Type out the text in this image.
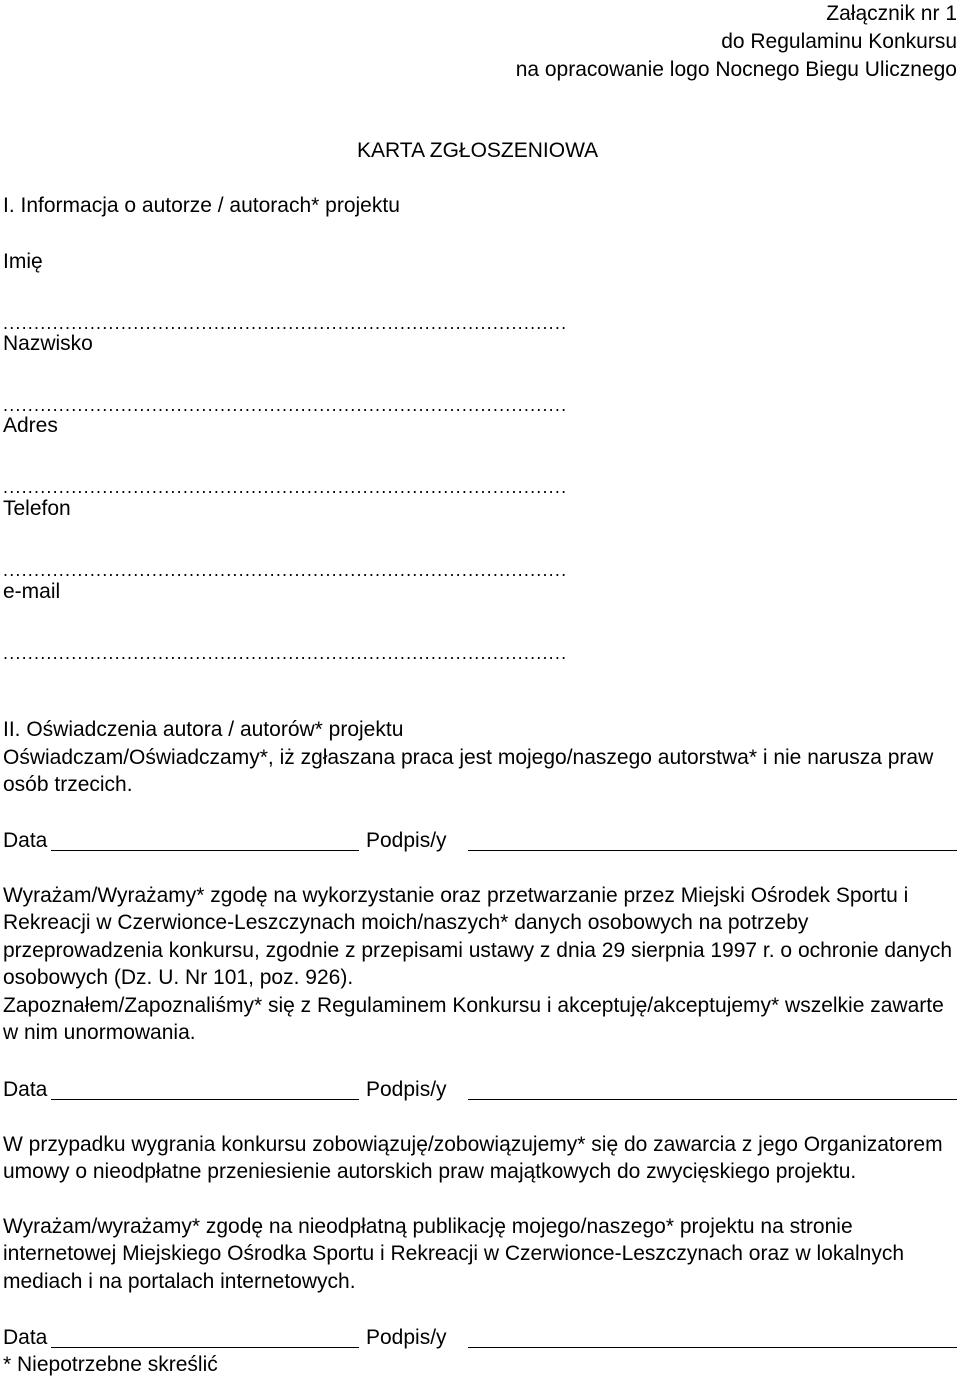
Załącznik nr 1
do Regulaminu Konkursu
na opracowanie logo Nocnego Biegu Ulicznego
KARTA ZGŁOSZENIOWA
I. Informacja o autorze / autorach* projektu
Imię
...........................................................................................
Nazwisko
...........................................................................................
Adres
...........................................................................................
Telefon
...........................................................................................
e-mail
...........................................................................................
II. Oświadczenia autora / autorów* projektu
Oświadczam/Oświadczamy*, iż zgłaszana praca jest mojego/naszego autorstwa* i nie narusza praw osób trzecich.
Data	Podpis/y
Wyrażam/Wyrażamy* zgodę na wykorzystanie oraz przetwarzanie przez Miejski Ośrodek Sportu i Rekreacji w Czerwionce-Leszczynach moich/naszych* danych osobowych na potrzeby przeprowadzenia konkursu, zgodnie z przepisami ustawy z dnia 29 sierpnia 1997 r. o ochronie danych osobowych (Dz. U. Nr 101, poz. 926).
Zapoznałem/Zapoznaliśmy* się z Regulaminem Konkursu i akceptuję/akceptujemy* wszelkie zawarte w nim unormowania.
Data	Podpis/y
W przypadku wygrania konkursu zobowiązuję/zobowiązujemy* się do zawarcia z jego Organizatorem umowy o nieodpłatne przeniesienie autorskich praw majątkowych do zwycięskiego projektu.
Wyrażam/wyrażamy* zgodę na nieodpłatną publikację mojego/naszego* projektu na stronie internetowej Miejskiego Ośrodka Sportu i Rekreacji w Czerwionce-Leszczynach oraz w lokalnych mediach i na portalach internetowych.
Data	Podpis/y
* Niepotrzebne skreślić
